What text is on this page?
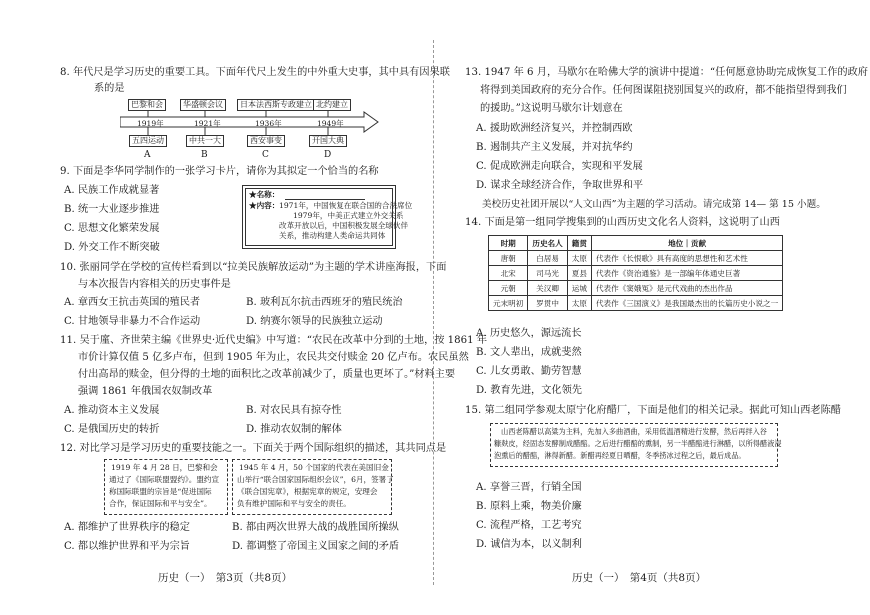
8. 年代尺是学习历史的重要工具。下面年代尺上发生的中外重大史事，其中具有因果联
系的是
巴黎和会	华盛顿会议	日本法西斯专政建立 北约建立
1919年	1921年	1936年	1949年
五四运动	中共一大	西安事变	开国大典
A	B	C	D
9. 下面是李华同学制作的一张学习卡片，请你为其拟定一个恰当的名称
A. 民族工作成就显著
B. 统一大业逐步推进
C. 思想文化繁荣发展
D. 外交工作不断突破
★名称：
★内容： 1971年，中国恢复在联合国的合法席位
1979年，中美正式建立外交关系
改革开放以后，中国积极发展全球伙伴
关系，推动构建人类命运共同体
10. 张丽同学在学校的宣传栏看到以“拉美民族解放运动”为主题的学术讲座海报，下面
与本次报告内容相关的历史事件是
A. 章西女王抗击英国的殖民者	B. 玻利瓦尔抗击西班牙的殖民统治
C. 甘地领导非暴力不合作运动	D. 纳赛尔领导的民族独立运动
11. 吴于廑、齐世荣主编《世界史·近代史编》中写道：“农民在改革中分到的土地，按 1861 年
市价计算仅值 5 亿多卢布，但到 1905 年为止，农民共交付赎金 20 亿卢布。农民虽然
付出高昂的赎金，但分得的土地的面积比之改革前减少了，质量也更坏了。”材料主要
强调 1861 年俄国农奴制改革
A. 推动资本主义发展	B. 对农民具有掠夺性
C. 是俄国历史的转折	D. 推动农奴制的解体
12. 对比学习是学习历史的重要技能之一。下面关于两个国际组织的描述，其共同点是
1919 年 4 月 28 日，巴黎和会
通过了《国际联盟盟约》。盟约宣
称国际联盟的宗旨是“促进国际
合作，保证国际和平与安全”。
1945 年 4 月，50 个国家的代表在美国旧金
山举行“联合国家国际组织会议”，6月，签署了
《联合国宪章》，根据宪章的规定，安理会
负有维护国际和平与安全的责任。
A. 都维护了世界秩序的稳定	B. 都由两次世界大战的战胜国所操纵
C. 都以维护世界和平为宗旨	D. 都调整了帝国主义国家之间的矛盾
历史（一）　第3页（共8页）
13. 1947 年 6 月，马歇尔在哈佛大学的演讲中提道：“任何愿意协助完成恢复工作的政府
将得到美国政府的充分合作。任何图谋阻挠别国复兴的政府，都不能指望得到我们
的援助。”这说明马歇尔计划意在
A. 援助欧洲经济复兴，并控制西欧
B. 遏制共产主义发展，并对抗华约
C. 促成欧洲走向联合，实现和平发展
D. 谋求全球经济合作，争取世界和平
美校历史社团开展以“人文山西”为主题的学习活动。请完成第 14— 第 15 小题。
14. 下面是第一组同学搜集到的山西历史文化名人资料，这说明了山西
时期	历史名人	籍贯	地位｜贡献
唐朝	白居易	太原	代表作《长恨歌》具有高度的思想性和艺术性
北宋	司马光	夏县	代表作《资治通鉴》是一部编年体通史巨著
元朝	关汉卿	运城	代表作《窦娥冤》是元代戏曲的杰出作品
元末明初	罗贯中	太原	代表作《三国演义》是我国最杰出的长篇历史小说之一
A. 历史悠久，源远流长
B. 文人辈出，成就斐然
C. 儿女勇敢、勤劳智慧
D. 教育先进，文化领先
15. 第二组同学参观太原宁化府醋厂，下面是他们的相关记录。据此可知山西老陈醋
山西老陈醋以高粱为主料，先加入多曲酒曲，采用低温酒精进行发酵，然后再拌入谷
糠麸皮，经固态发酵制成醋醅。之后进行醋醅的熏制，另一半醋醅进行淋醋，以所得醋液浸
泡熏后的醋醅，淋得新醋。新醋再经夏日晒醋，冬季捞冰过程之后，最后成品。
A. 享誉三晋，行销全国
B. 原料上乘，物美价廉
C. 流程严格，工艺考究
D. 诚信为本，以义制利
历史（一）　第4页（共8页）
